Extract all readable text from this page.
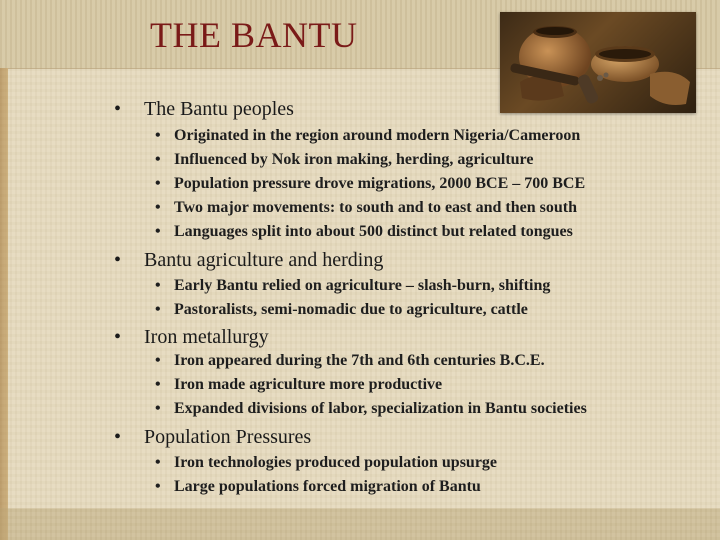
THE BANTU
• The Bantu peoples
• Originated in the region around modern Nigeria/Cameroon
• Influenced by Nok iron making, herding, agriculture
• Population pressure drove migrations, 2000 BCE – 700 BCE
• Two major movements: to south and to east and then south
• Languages split into about 500 distinct but related tongues
• Bantu agriculture and herding
• Early Bantu relied on agriculture – slash-burn, shifting
• Pastoralists, semi-nomadic due to agriculture, cattle
• Iron metallurgy
• Iron appeared during the 7th and 6th centuries B.C.E.
• Iron made agriculture more productive
• Expanded divisions of labor, specialization in Bantu societies
• Population Pressures
• Iron technologies produced population upsurge
• Large populations forced migration of Bantu
